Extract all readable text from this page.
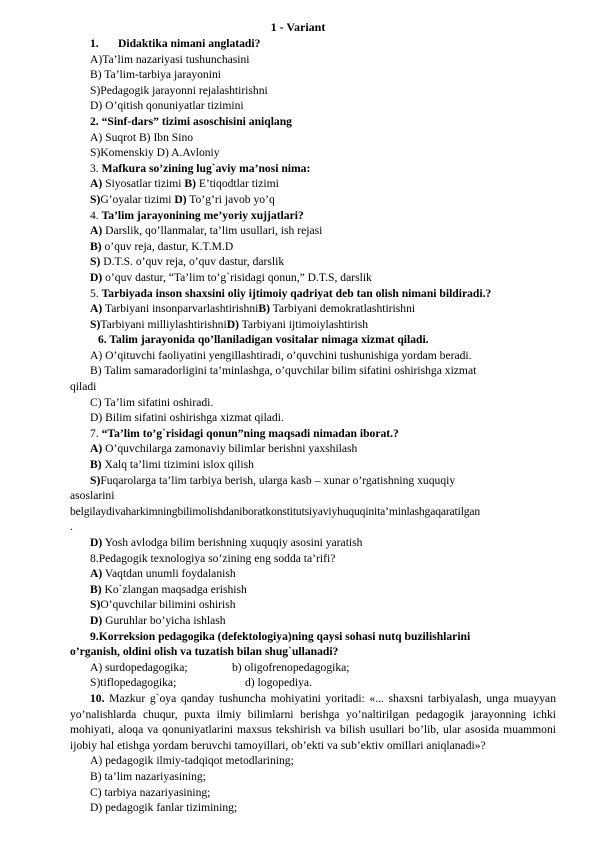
1 - Variant
1. Didaktika nimani anglatadi?
A)Ta’lim nazariyasi tushunchasini
B) Ta’lim-tarbiya jarayonini
S)Pedagogik jarayonni rejalashtirishni
D) O’qitish qonuniyatlar tizimini
2. “Sinf-dars” tizimi asoschisini aniqlang
A) Suqrot B) Ibn Sino
S)Komenskiy D) A.Avloniy
3. Mafkura so’zining lug`aviy ma’nosi nima:
A) Siyosatlar tizimi B) E’tiqodtlar tizimi
S)G’oyalar tizimi D) To’g’ri javob yo’q
4. Ta’lim jarayonining me’yoriy xujjatlari?
A) Darslik, qo’llanmalar, ta’lim usullari, ish rejasi
B) o’quv reja, dastur, K.T.M.D
S) D.T.S. o’quv reja, o’quv dastur, darslik
D) o’quv dastur, “Ta’lim to’g`risidagi qonun,” D.T.S, darslik
5. Tarbiyada inson shaxsini oliy ijtimoiy qadriyat deb tan olish nimani bildiradi.?
A) Tarbiyani insonparvarlashtirishniB) Tarbiyani demokratlashtirishni
S)Tarbiyani milliylashtirishniD) Tarbiyani ijtimoiylashtirish
6. Talim jarayonida qo’llaniladigan vositalar nimaga xizmat qiladi.
A) O’qituvchi faoliyatini yengillashtiradi, o’quvchini tushunishiga yordam beradi.
B) Talim samaradorligini ta’minlashga, o’quvchilar bilim sifatini oshirishga xizmat
qiladi
C) Ta’lim sifatini oshiradi.
D) Bilim sifatini oshirishga xizmat qiladi.
7. “Ta’lim to’g`risidagi qonun”ning maqsadi nimadan iborat.?
A) O’quvchilarga zamonaviy bilimlar berishni yaxshilash
B) Xalq ta’limi tizimini islox qilish
S)Fuqarolarga ta’lim tarbiya berish, ularga kasb – xunar o’rgatishning xuquqiy
asoslarini
belgilaydivaharkimningbilimolishdaniboratkonstitutsiyaviyhuquqinita’minlashgaqaratilgan
.
D) Yosh avlodga bilim berishning xuquqiy asosini yaratish
8.Pedagogik texnologiya so’zining eng sodda ta’rifi?
A) Vaqtdan unumli foydalanish
B) Ko`zlangan maqsadga erishish
S)O’quvchilar bilimini oshirish
D) Guruhlar bo’yicha ishlash
9.Korreksion pedagogika (defektologiya)ning qaysi sohasi nutq buzilishlarini
o’rganish, oldini olish va tuzatish bilan shug`ullanadi?
A) surdopedagogika;	b) oligofrenopedagogika;
S)tiflopedagogika;	d) logopediya.
10. Mazkur g`oya qanday tushuncha mohiyatini yoritadi: «... shaxsni tarbiyalash, unga muayyan yo’nalishlarda chuqur, puxta ilmiy bilimlarni berishga yo’naltirilgan pedagogik jarayonning ichki mohiyati, aloqa va qonuniyatlarini maxsus tekshirish va bilish usullari bo’lib, ular asosida muammoni ijobiy hal etishga yordam beruvchi tamoyillari, ob’ekti va sub’ektiv omillari aniqlanadi»?
A) pedagogik ilmiy-tadqiqot metodlarining;
B) ta’lim nazariyasining;
C) tarbiya nazariyasining;
D) pedagogik fanlar tizimining;
